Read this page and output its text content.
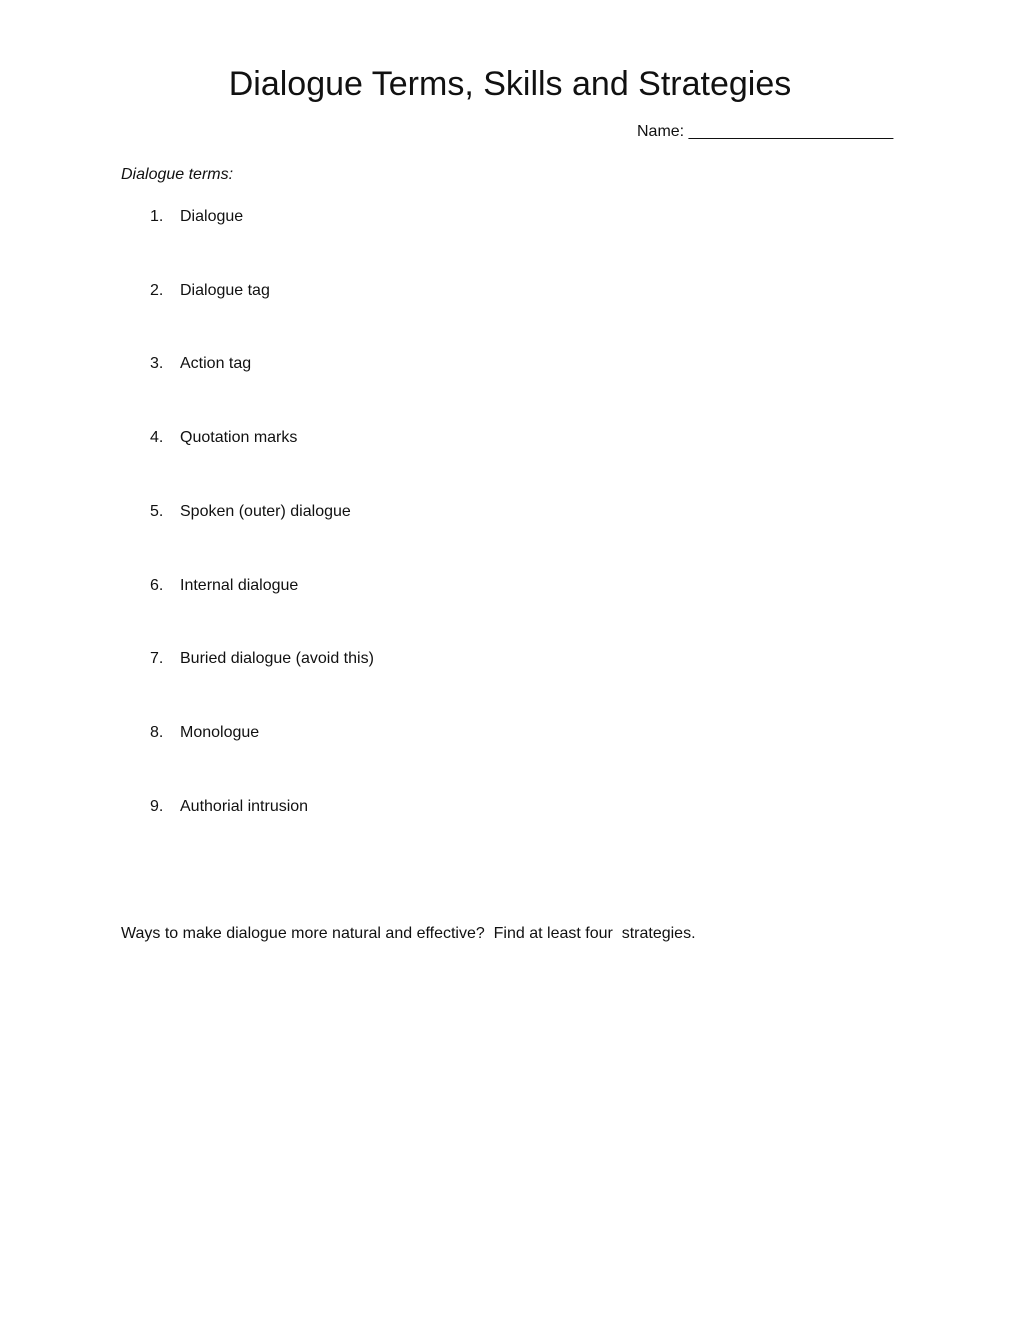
Dialogue Terms, Skills and Strategies
Name: _______________________
Dialogue terms:
1. Dialogue
2. Dialogue tag
3. Action tag
4. Quotation marks
5. Spoken (outer) dialogue
6. Internal dialogue
7. Buried dialogue (avoid this)
8. Monologue
9. Authorial intrusion
Ways to make dialogue more natural and effective?  Find at least four  strategies.
